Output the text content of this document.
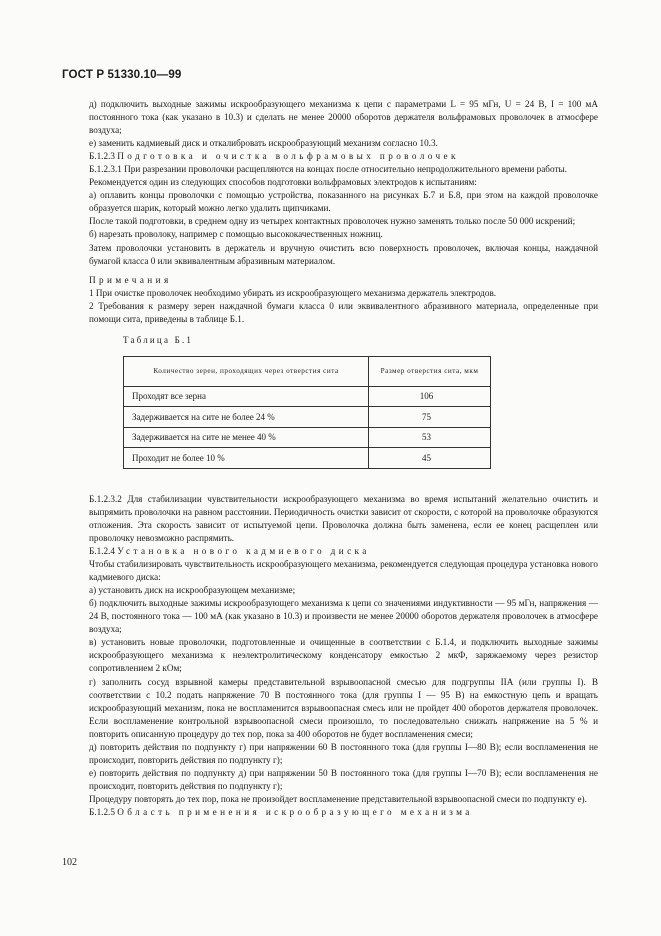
ГОСТ Р 51330.10—99

д) подключить выходные зажимы искрообразующего механизма к цепи с параметрами L = 95 мГн, U = 24 В, I = 100 мА постоянного тока (как указано в 10.3) и сделать не менее 20000 оборотов держателя вольфрамовых проволочек в атмосфере воздуха;

е) заменить кадмиевый диск и откалибровать искрообразующий механизм согласно 10.3.

Б.1.2.3 Подготовка и очистка вольфрамовых проволочек

Б.1.2.3.1 При разрезании проволочки расщепляются на концах после относительно непродолжительного времени работы.

Рекомендуется один из следующих способов подготовки вольфрамовых электродов к испытаниям:

а) оплавить концы проволочки с помощью устройства, показанного на рисунках Б.7 и Б.8, при этом на каждой проволочке образуется шарик, который можно легко удалить щипчиками.

После такой подготовки, в среднем одну из четырех контактных проволочек нужно заменять только после 50 000 искрений;

б) нарезать проволоку, например с помощью высококачественных ножниц.

Затем проволочки установить в держатель и вручную очистить всю поверхность проволочек, включая концы, наждачной бумагой класса 0 или эквивалентным абразивным материалом.

Примечания

1 При очистке проволочек необходимо убирать из искрообразующего механизма держатель электродов.

2 Требования к размеру зерен наждачной бумаги класса 0 или эквивалентного абразивного материала, определенные при помощи сита, приведены в таблице Б.1.

Таблица Б.1
Количество зерен, проходящих через отверстия сита	Размер отверстия сита, мкм
Проходят все зерна	106
Задерживается на сите не более 24 %	75
Задерживается на сите не менее 40 %	53
Проходит не более 10 %	45

Б.1.2.3.2 Для стабилизации чувствительности искрообразующего механизма во время испытаний желательно очистить и выпрямить проволочки на равном расстоянии. Периодичность очистки зависит от скорости, с которой на проволочке образуются отложения. Эта скорость зависит от испытуемой цепи. Проволочка должна быть заменена, если ее конец расщеплен или проволочку невозможно распрямить.

Б.1.2.4 Установка нового кадмиевого диска

Чтобы стабилизировать чувствительность искрообразующего механизма, рекомендуется следующая процедура установка нового кадмиевого диска:

а) установить диск на искрообразующем механизме;

б) подключить выходные зажимы искрообразующего механизма к цепи со значениями индуктивности — 95 мГн, напряжения — 24 В, постоянного тока — 100 мА (как указано в 10.3) и произвести не менее 20000 оборотов держателя проволочек в атмосфере воздуха;

в) установить новые проволочки, подготовленные и очищенные в соответствии с Б.1.4, и подключить выходные зажимы искрообразующего механизма к неэлектролитическому конденсатору емкостью 2 мкФ, заряжаемому через резистор сопротивлением 2 кОм;

г) заполнить сосуд взрывной камеры представительной взрывоопасной смесью для подгруппы IIA (или группы I). В соответствии с 10.2 подать напряжение 70 В постоянного тока (для группы I — 95 В) на емкостную цепь и вращать искрообразующий механизм, пока не воспламенится взрывоопасная смесь или не пройдет 400 оборотов держателя проволочек. Если воспламенение контрольной взрывоопасной смеси произошло, то последовательно снижать напряжение на 5 % и повторить описанную процедуру до тех пор, пока за 400 оборотов не будет воспламенения смеси;

д) повторить действия по подпункту г) при напряжении 60 В постоянного тока (для группы I—80 В); если воспламенения не происходит, повторить действия по подпункту г);

е) повторить действия по подпункту д) при напряжении 50 В постоянного тока (для группы I—70 В); если воспламенения не происходит, повторить действия по подпункту г);

Процедуру повторять до тех пор, пока не произойдет воспламенение представительной взрывоопасной смеси по подпункту е).

Б.1.2.5 Область применения искрообразующего механизма

102
